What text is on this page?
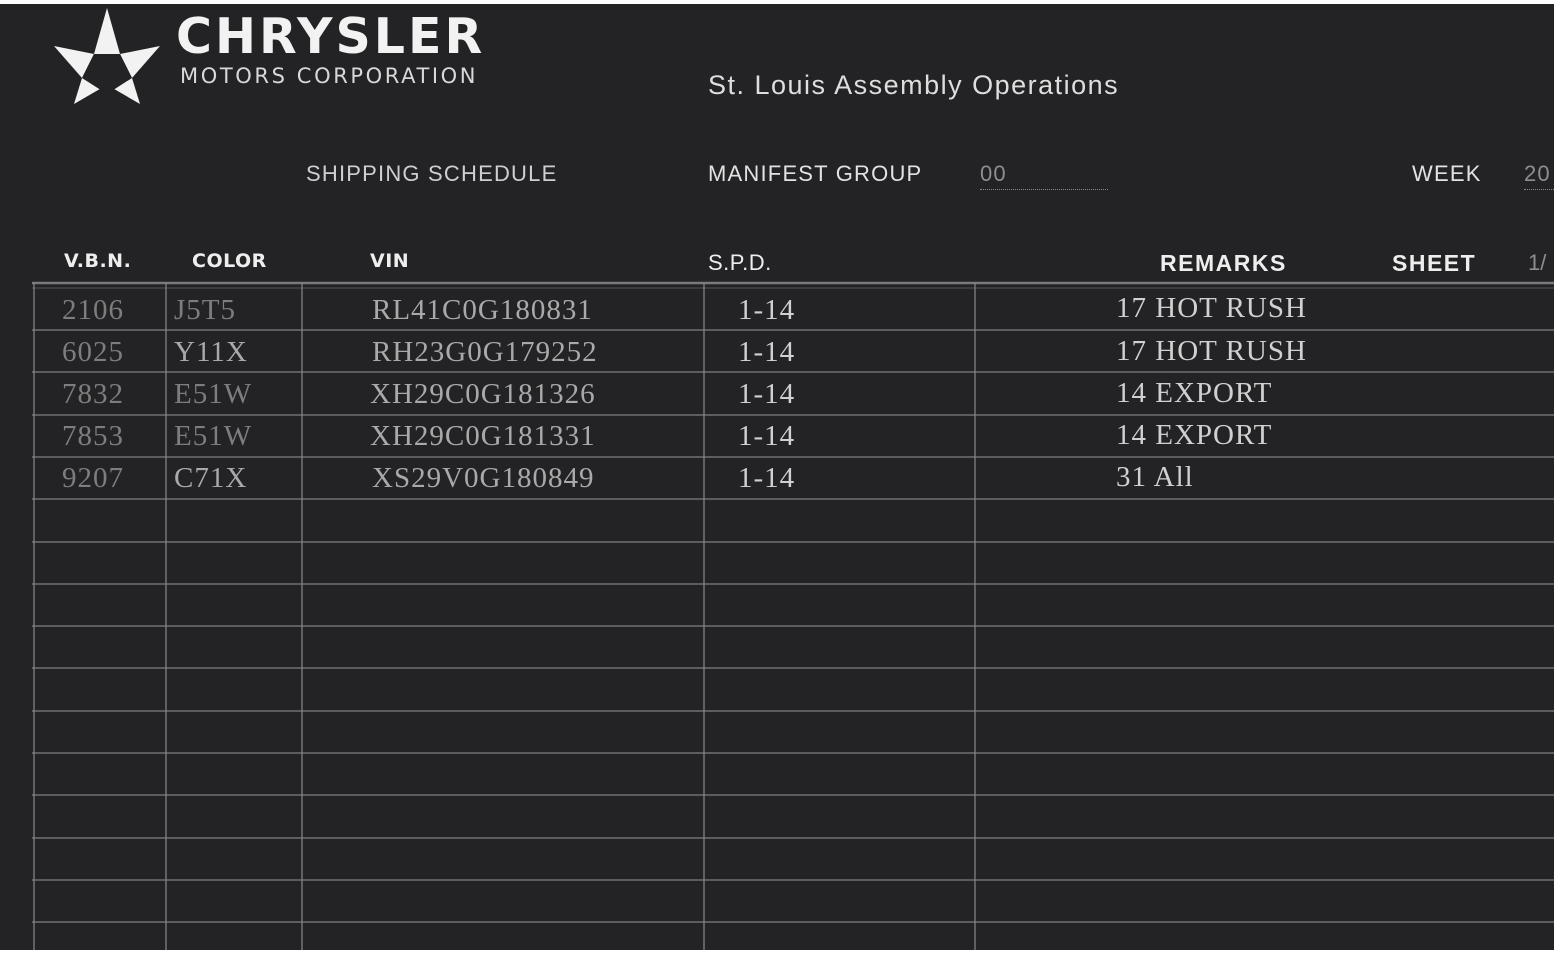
CHRYSLER
MOTORS CORPORATION	St. Louis Assembly Operations
SHIPPING SCHEDULE	MANIFEST GROUP	00	WEEK 20
V.B.N.	COLOR	VIN	S.P.D.	REMARKS	SHEET 1/
2106 J5T5	RL41C0G180831	1-14	17 HOT RUSH
6025 Y11X	RH23G0G179252	1-14	17 HOT RUSH
7832 E51W	XH29C0G181326	1-14	14 EXPORT
7853 E51W	XH29C0G181331	1-14	14 EXPORT
9207 C71X	XS29V0G180849	1-14	31 All
